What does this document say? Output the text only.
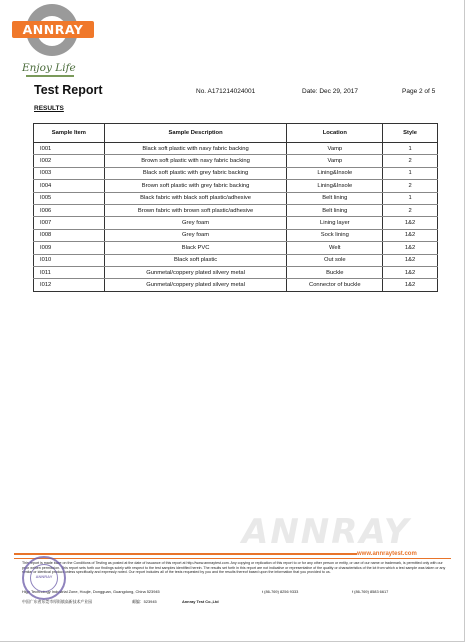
ANNRAY
Enjoy Life
Test Report	No. A171214024001	Date: Dec 29, 2017	Page 2 of 5
RESULTS
Sample Item	Sample Description	Location	Style
I001	Black soft plastic with navy fabric backing	Vamp	1
I002	Brown soft plastic with navy fabric backing	Vamp	2
I003	Black soft plastic with grey fabric backing	Lining&Insole	1
I004	Brown soft plastic with grey fabric backing	Lining&Insole	2
I005	Black fabric with black soft plastic/adhesive	Belt lining	1
I006	Brown fabric with brown soft plastic/adhesive	Belt lining	2
I007	Grey foam	Lining layer	1&2
I008	Grey foam	Sock lining	1&2
I009	Black PVC	Welt	1&2
I010	Black soft plastic	Out sole	1&2
I011	Gunmetal/coppery plated silvery metal	Buckle	1&2
I012	Gunmetal/coppery plated silvery metal	Connector of buckle	1&2
ANNRAY
www.annraytest.com
This report is made base on the Conditions of Testing as posted at the date of issuance of this report at http://www.annraytest.com. Any copying or replication of this report to or for any other person or entity, or use of our name or trademark, is permitted only with our prior written permission. This report sets forth our findings solely with respect to the test samples identified herein. The results set forth in this report are not indicative or representative of the quality or characteristics of the lot from which a test sample was taken or any similar or identical product unless specifically and expressly noted. Our report includes all of the tests requested by you and the results thereof based upon the information that you provided to us.
High Technology Industrial Zone, Houjie, Dongguan, Guangdong, China 523945	t (86-769) 8256 9333	f (86-769) 8583 6617
中国广东省东莞市厚街镇高新技术产业园	邮编：523945	Annray Test Co.,Ltd
ANNRAY
